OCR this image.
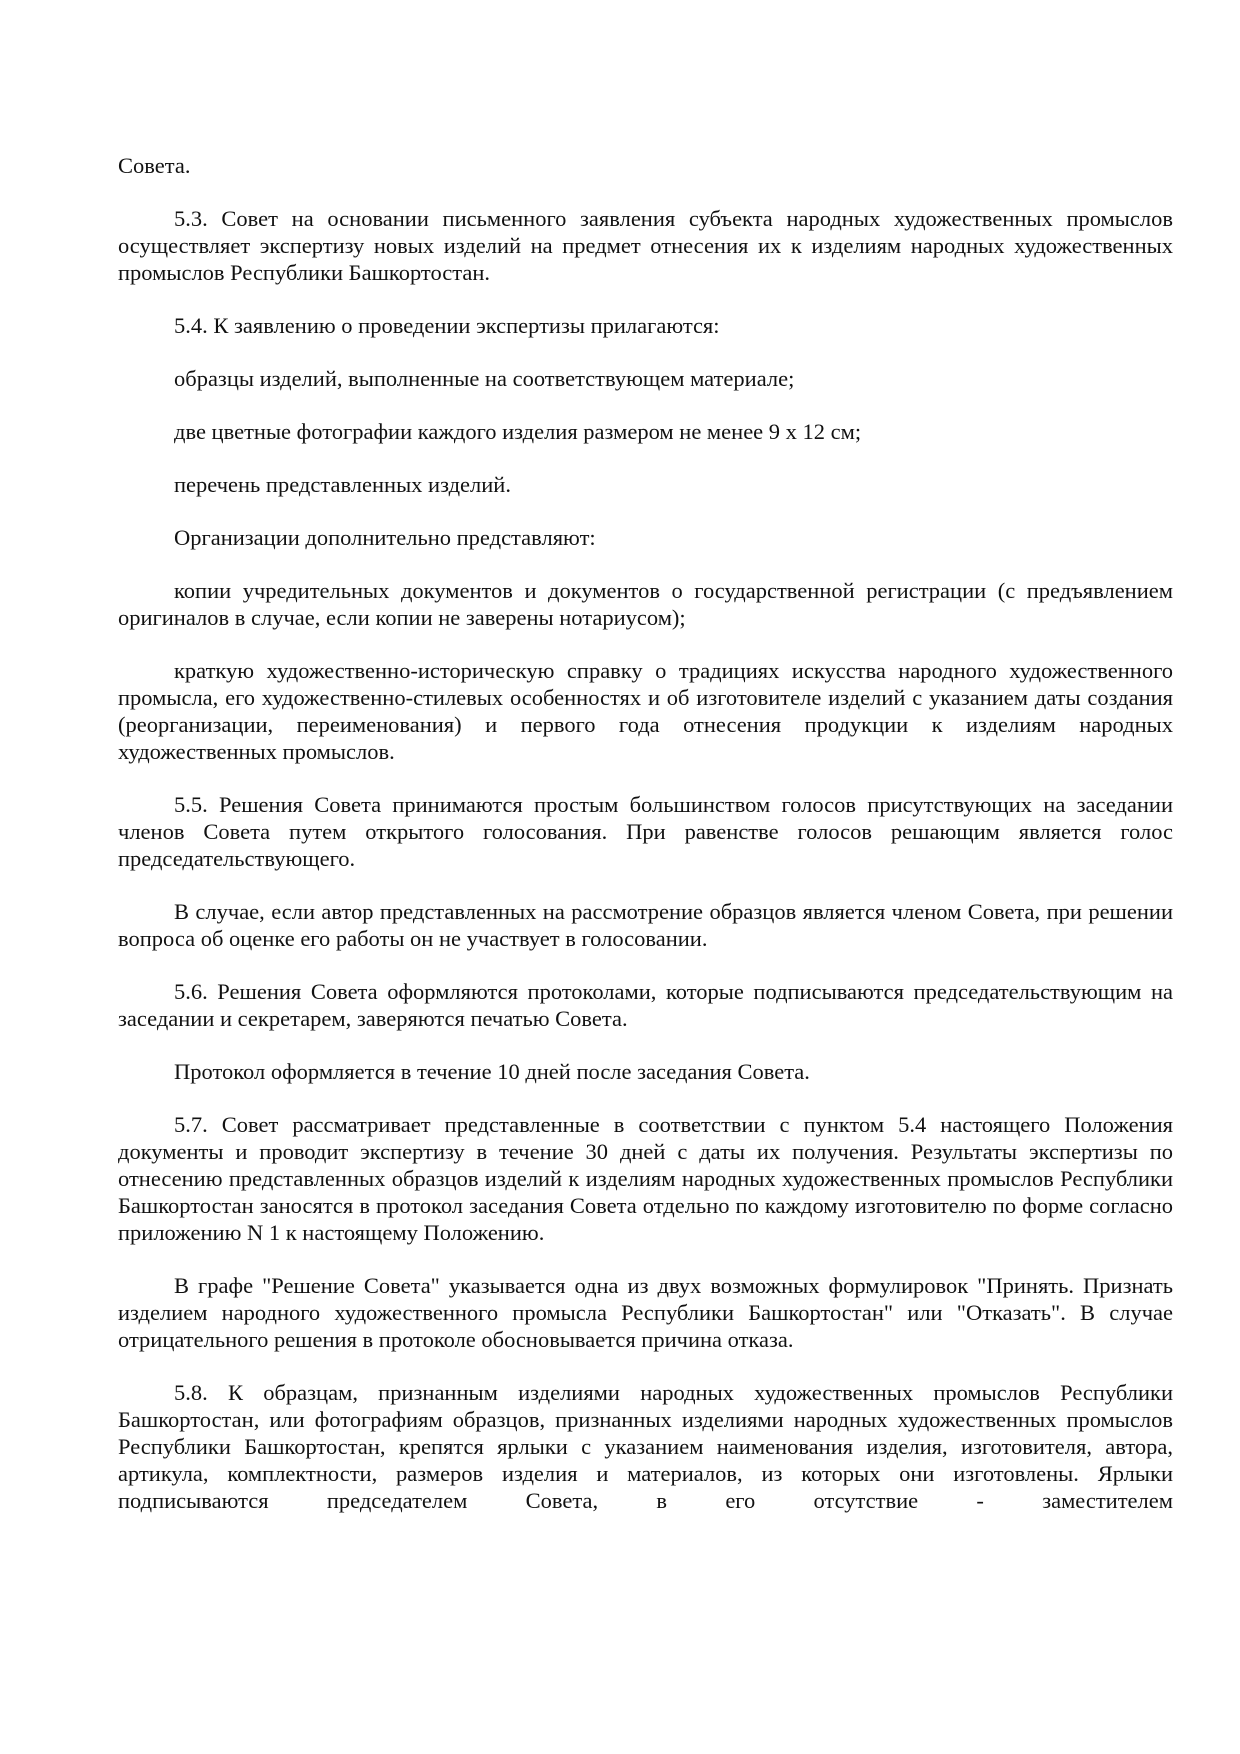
Совета.

5.3. Совет на основании письменного заявления субъекта народных художественных промыслов осуществляет экспертизу новых изделий на предмет отнесения их к изделиям народных художественных промыслов Республики Башкортостан.

5.4. К заявлению о проведении экспертизы прилагаются:

образцы изделий, выполненные на соответствующем материале;

две цветные фотографии каждого изделия размером не менее 9 x 12 см;

перечень представленных изделий.

Организации дополнительно представляют:

копии учредительных документов и документов о государственной регистрации (с предъявлением оригиналов в случае, если копии не заверены нотариусом);

краткую художественно-историческую справку о традициях искусства народного художественного промысла, его художественно-стилевых особенностях и об изготовителе изделий с указанием даты создания (реорганизации, переименования) и первого года отнесения продукции к изделиям народных художественных промыслов.

5.5. Решения Совета принимаются простым большинством голосов присутствующих на заседании членов Совета путем открытого голосования. При равенстве голосов решающим является голос председательствующего.

В случае, если автор представленных на рассмотрение образцов является членом Совета, при решении вопроса об оценке его работы он не участвует в голосовании.

5.6. Решения Совета оформляются протоколами, которые подписываются председательствующим на заседании и секретарем, заверяются печатью Совета.

Протокол оформляется в течение 10 дней после заседания Совета.

5.7. Совет рассматривает представленные в соответствии с пунктом 5.4 настоящего Положения документы и проводит экспертизу в течение 30 дней с даты их получения. Результаты экспертизы по отнесению представленных образцов изделий к изделиям народных художественных промыслов Республики Башкортостан заносятся в протокол заседания Совета отдельно по каждому изготовителю по форме согласно приложению N 1 к настоящему Положению.

В графе "Решение Совета" указывается одна из двух возможных формулировок "Принять. Признать изделием народного художественного промысла Республики Башкортостан" или "Отказать". В случае отрицательного решения в протоколе обосновывается причина отказа.

5.8. К образцам, признанным изделиями народных художественных промыслов Республики Башкортостан, или фотографиям образцов, признанных изделиями народных художественных промыслов Республики Башкортостан, крепятся ярлыки с указанием наименования изделия, изготовителя, автора, артикула, комплектности, размеров изделия и материалов, из которых они изготовлены. Ярлыки подписываются председателем Совета, в его отсутствие - заместителем
